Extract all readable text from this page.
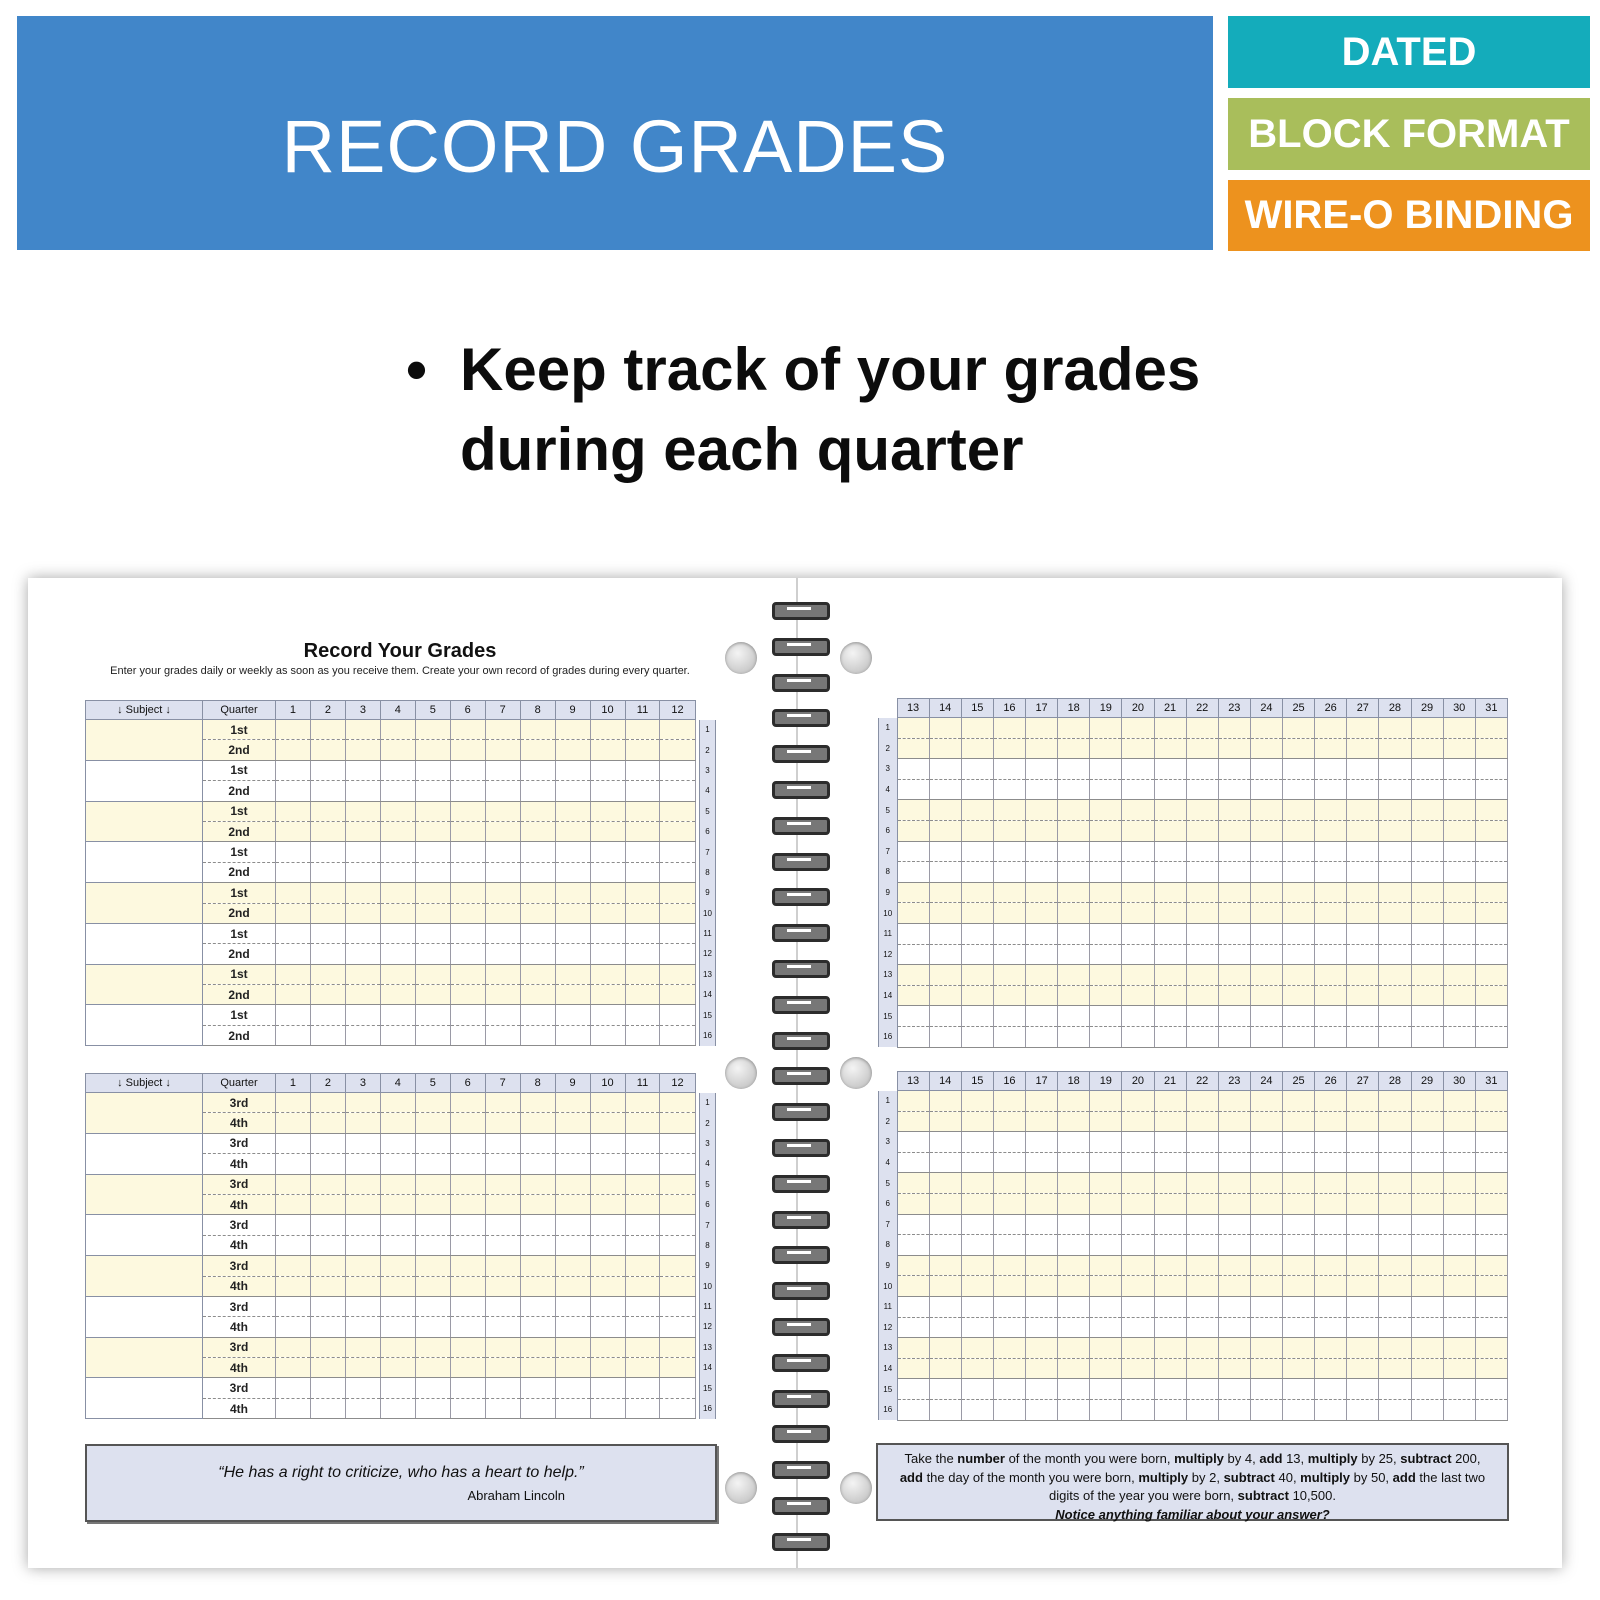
RECORD GRADES
DATED
BLOCK FORMAT
WIRE-O BINDING
• Keep track of your grades during each quarter
Record Your Grades
Enter your grades daily or weekly as soon as you receive them. Create your own record of grades during every quarter.
↓ Subject ↓	Quarter	1	2	3	4	5	6	7	8	9	10	11	12		
	1st														1
	2nd														2
	1st														3
	2nd														4
	1st														5
	2nd														6
	1st														7
	2nd														8
	1st														9
	2nd														10
	1st														11
	2nd														12
	1st														13
	2nd														14
	1st														15
	2nd														16
↓ Subject ↓	Quarter	1	2	3	4	5	6	7	8	9	10	11	12		
	3rd														1
	4th														2
	3rd														3
	4th														4
	3rd														5
	4th														6
	3rd														7
	4th														8
	3rd														9
	4th														10
	3rd														11
	4th														12
	3rd														13
	4th														14
	3rd														15
	4th														16
	13	14	15	16	17	18	19	20	21	22	23	24	25	26	27	28	29	30	31
1																			
2																			
3																			
4																			
5																			
6																			
7																			
8																			
9																			
10																			
11																			
12																			
13																			
14																			
15																			
16																			
	13	14	15	16	17	18	19	20	21	22	23	24	25	26	27	28	29	30	31
1																			
2																			
3																			
4																			
5																			
6																			
7																			
8																			
9																			
10																			
11																			
12																			
13																			
14																			
15																			
16																			
“He has a right to criticize, who has a heart to help.”
Abraham Lincoln
Take the number of the month you were born, multiply by 4, add 13, multiply by 25, subtract 200, add the day of the month you were born, multiply by 2, subtract 40, multiply by 50, add the last two digits of the year you were born, subtract 10,500.
Notice anything familiar about your answer?
